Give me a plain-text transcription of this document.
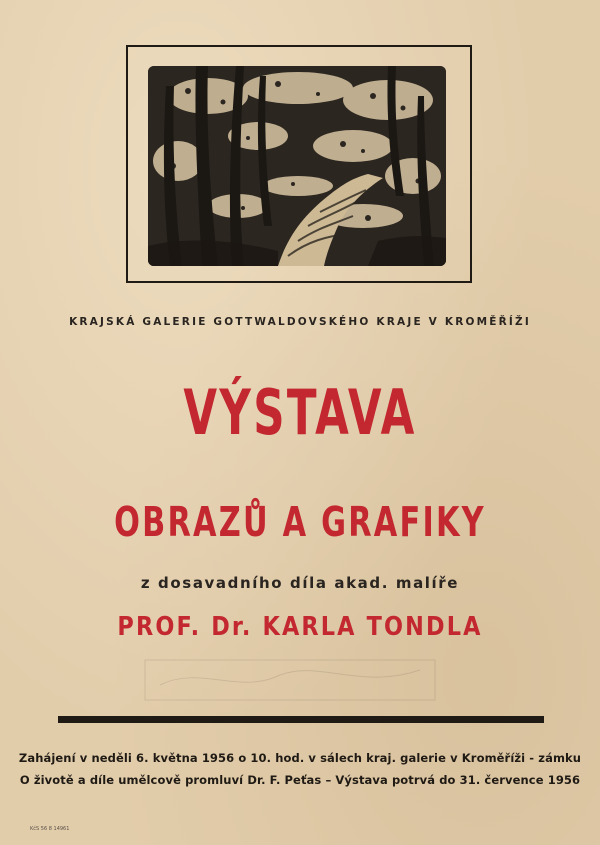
KRAJSKÁ GALERIE GOTTWALDOVSKÉHO KRAJE V KROMĚŘÍŽI
VÝSTAVA
OBRAZŮ A GRAFIKY
z dosavadního díla akad. malíře
PROF. Dr. KARLA TONDLA
Zahájení v neděli 6. května 1956 o 10. hod. v sálech kraj. galerie v Kroměříži - zámku
O životě a díle umělcově promluví Dr. F. Peťas – Výstava potrvá do 31. července 1956
KčS 56 8 14961
